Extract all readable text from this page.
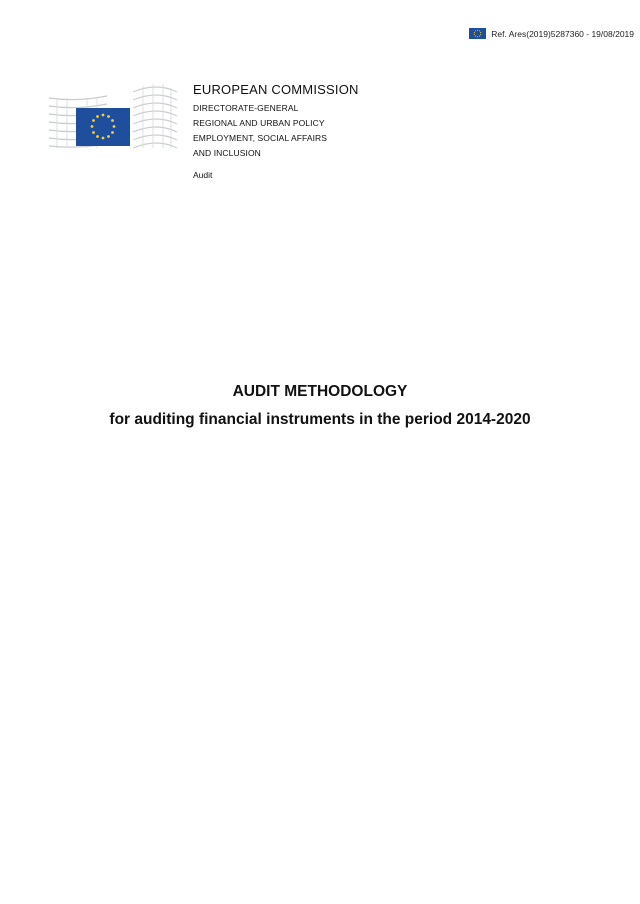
Ref. Ares(2019)5287360 - 19/08/2019
EUROPEAN COMMISSION
DIRECTORATE-GENERAL
REGIONAL AND URBAN POLICY
EMPLOYMENT, SOCIAL AFFAIRS
AND INCLUSION
Audit
AUDIT METHODOLOGY
for auditing financial instruments in the period 2014-2020
